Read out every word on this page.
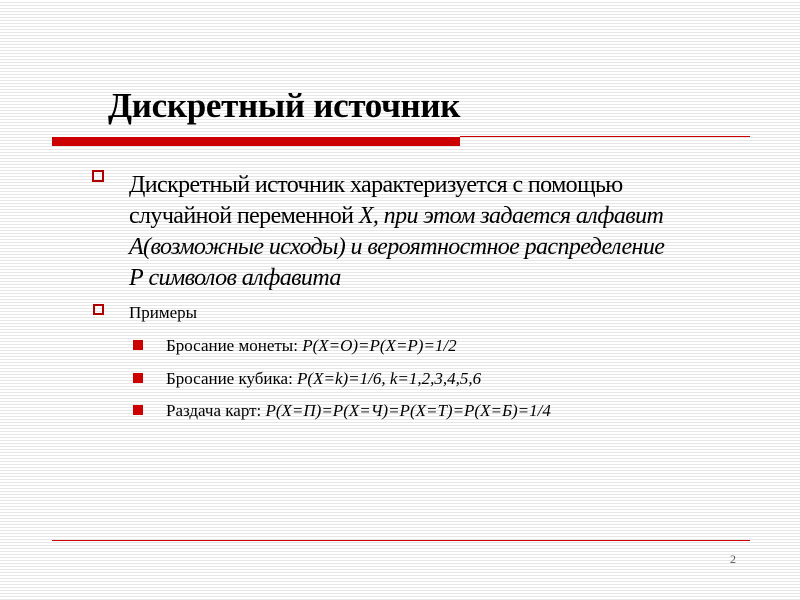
Дискретный источник
Дискретный источник характеризуется с помощью
случайной переменной X, при этом задается алфавит
А(возможные исходы) и вероятностное распределение
Р символов алфавита
Примеры
Бросание монеты: P(X=O)=P(X=P)=1/2
Бросание кубика: P(X=k)=1/6, k=1,2,3,4,5,6
Раздача карт: P(X=П)=P(X=Ч)=P(X=Т)=P(X=Б)=1/4
2
